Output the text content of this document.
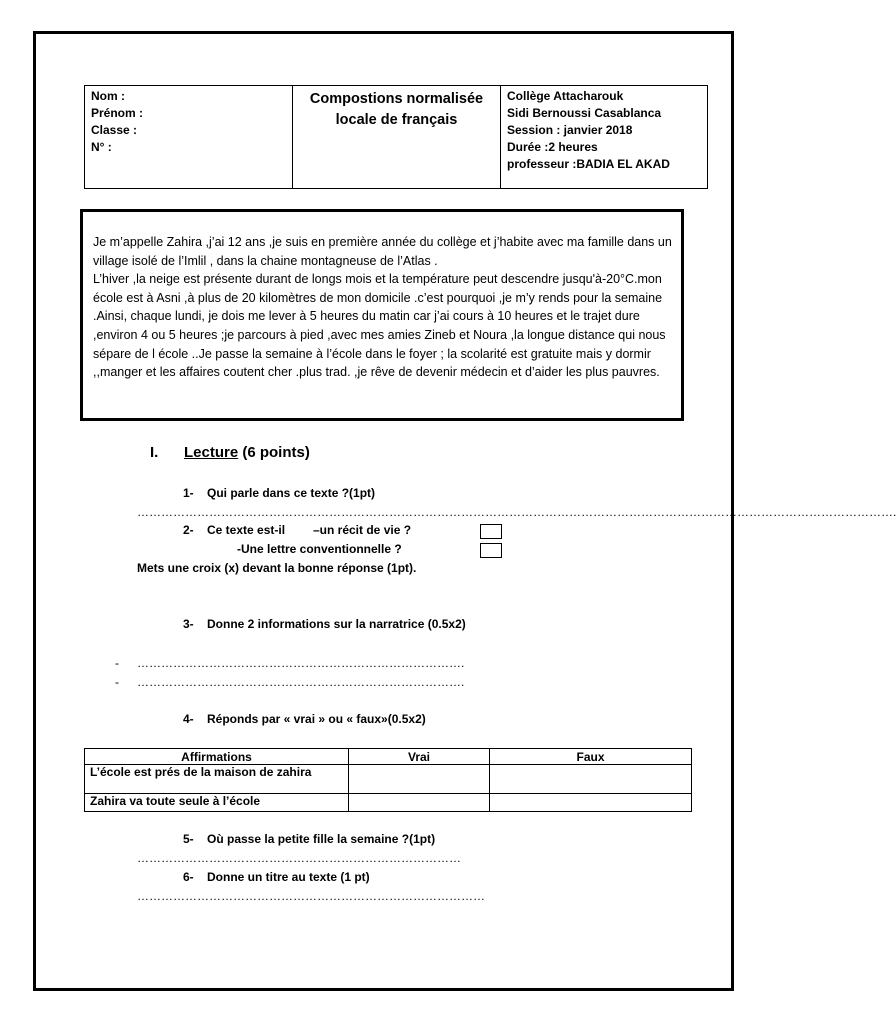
Nom :
Prénom :
Classe :
N° :
Compostions normalisée
locale de français
Collège Attacharouk
Sidi Bernoussi Casablanca
Session : janvier 2018
Durée :2 heures
professeur :BADIA EL AKAD

Je m’appelle Zahira ,j’ai 12 ans ,je suis en première année du collège et j’habite avec ma famille dans un village isolé de l’Imlil , dans la chaine montagneuse de l’Atlas .

L’hiver ,la neige est présente durant de longs mois et la température peut descendre jusqu'à-20°C.mon école est à Asni ,à plus de 20 kilomètres de mon domicile .c’est pourquoi ,je m’y rends pour la semaine .Ainsi, chaque lundi, je dois me lever à 5 heures du matin car j’ai cours à 10 heures et le trajet dure ,environ 4 ou 5 heures ;je parcours à pied ,avec mes amies Zineb et Noura ,la longue distance qui nous sépare de l école ..Je passe la semaine à l’école dans le foyer ; la scolarité est gratuite mais y dormir ,,manger et les affaires coutent cher .plus trad. ,je rêve de devenir médecin et d’aider les plus pauvres.

I. Lecture (6 points)
1- Qui parle dans ce texte ?(1pt)
……………………………………………………………………………………………………………………………………………………………………….
2- Ce texte est-il –un récit de vie ?
-Une lettre conventionnelle ?
Mets une croix (x) devant la bonne réponse (1pt).
3- Donne 2 informations sur la narratrice (0.5x2)
- ……………………………………………………………………….
- ……………………………………………………………………….
4- Réponds par « vrai » ou « faux»(0.5x2)
Affirmations	Vrai	Faux
L’école est prés de la maison de zahira		
Zahira va toute seule à l’école		
5- Où passe la petite fille la semaine ?(1pt)
………………………………………………………………………
6- Donne un titre au texte (1 pt)
……………………………………………………………………………
